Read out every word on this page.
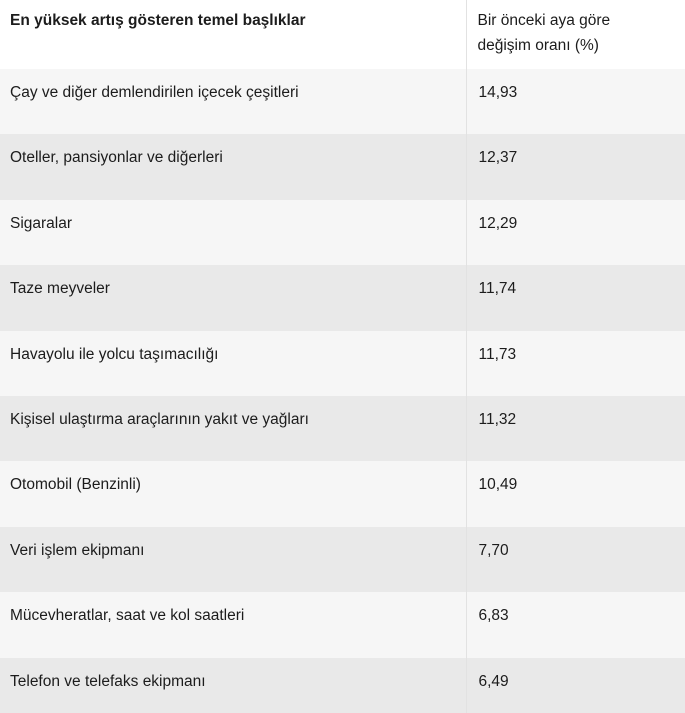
En yüksek artış gösteren temel başlıklar	Bir önceki aya göre değişim oranı (%)
Çay ve diğer demlendirilen içecek çeşitleri	14,93
Oteller, pansiyonlar ve diğerleri	12,37
Sigaralar	12,29
Taze meyveler	11,74
Havayolu ile yolcu taşımacılığı	11,73
Kişisel ulaştırma araçlarının yakıt ve yağları	11,32
Otomobil (Benzinli)	10,49
Veri işlem ekipmanı	7,70
Mücevheratlar, saat ve kol saatleri	6,83
Telefon ve telefaks ekipmanı	6,49
